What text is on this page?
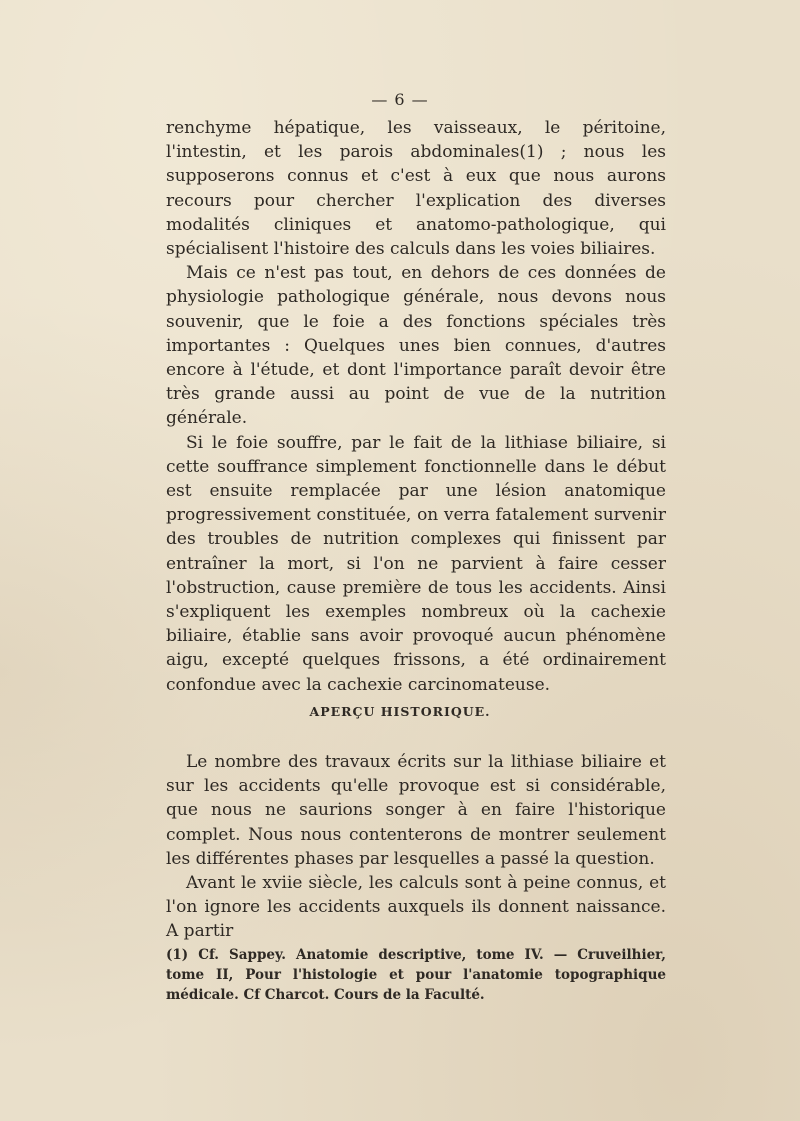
— 6 —

renchyme hépatique, les vaisseaux, le péritoine, l'intestin, et les parois abdominales(1) ; nous les supposerons connus et c'est à eux que nous aurons recours pour chercher l'explication des diverses modalités cliniques et anatomo-pathologique, qui spécialisent l'histoire des calculs dans les voies biliaires.

Mais ce n'est pas tout, en dehors de ces données de physiologie pathologique générale, nous devons nous souvenir, que le foie a des fonctions spéciales très importantes : Quelques unes bien connues, d'autres encore à l'étude, et dont l'importance paraît devoir être très grande aussi au point de vue de la nutrition générale.

Si le foie souffre, par le fait de la lithiase biliaire, si cette souffrance simplement fonctionnelle dans le début est ensuite remplacée par une lésion anatomique progressivement constituée, on verra fatalement survenir des troubles de nutrition complexes qui finissent par entraîner la mort, si l'on ne parvient à faire cesser l'obstruction, cause première de tous les accidents. Ainsi s'expliquent les exemples nombreux où la cachexie biliaire, établie sans avoir provoqué aucun phénomène aigu, excepté quelques frissons, a été ordinairement confondue avec la cachexie carcinomateuse.

APERÇU HISTORIQUE.

Le nombre des travaux écrits sur la lithiase biliaire et sur les accidents qu'elle provoque est si considérable, que nous ne saurions songer à en faire l'historique complet. Nous nous contenterons de montrer seulement les différentes phases par lesquelles a passé la question.

Avant le xviie siècle, les calculs sont à peine connus, et l'on ignore les accidents auxquels ils donnent naissance. A partir

(1) Cf. Sappey. Anatomie descriptive, tome IV. — Cruveilhier, tome II, Pour l'histologie et pour l'anatomie topographique médicale. Cf Charcot. Cours de la Faculté.
